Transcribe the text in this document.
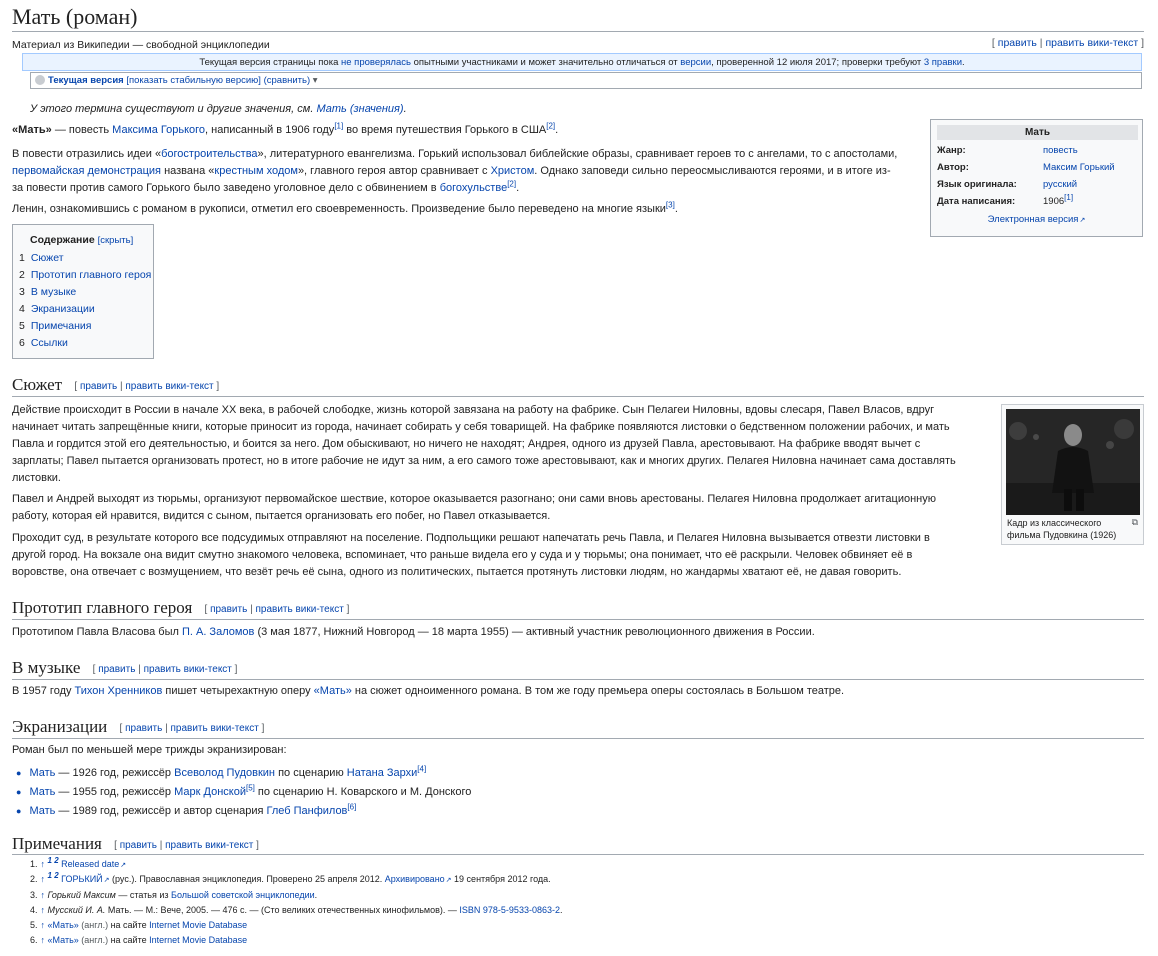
Мать (роман)
Материал из Википедии — свободной энциклопедии	[ править | править вики-текст ]
Текущая версия страницы пока не проверялась опытными участниками и может значительно отличаться от версии, проверенной 12 июля 2017; проверки требуют 3 правки.
Текущая версия [показать стабильную версию] (сравнить) ▾
У этого термина существуют и другие значения, см. Мать (значения).

«Мать» — повесть Максима Горького, написанный в 1906 году[1] во время путешествия Горького в США[2].

В повести отразились идеи «богостроительства», литературного евангелизма. Горький использовал библейские образы, сравнивает героев то с ангелами, то с апостолами,
первомайская демонстрация названа «крестным ходом», главного героя автор сравнивает с Христом. Однако заповеди сильно переосмысливаются героями, и в итоге из-
за повести против самого Горького было заведено уголовное дело с обвинением в богохульстве[2].

Ленин, ознакомившись с романом в рукописи, отметил его своевременность. Произведение было переведено на многие языки[3].

Мать
Жанр:	повесть
Автор:	Максим Горький
Язык оригинала:	русский
Дата написания:	1906[1]
Электронная версия ↗
Содержание [скрыть]
1 Сюжет
2 Прототип главного героя
3 В музыке
4 Экранизации
5 Примечания
6 Ссылки
Сюжет [ править | править вики-текст ]

Действие происходит в России в начале XX века, в рабочей слободке, жизнь которой завязана на работу на фабрике. Сын Пелагеи Ниловны, вдовы слесаря, Павел Власов, вдруг
начинает читать запрещённые книги, которые приносит из города, начинает собирать у себя товарищей. На фабрике появляются листовки о бедственном положении рабочих, и мать
Павла и гордится этой его деятельностью, и боится за него. Дом обыскивают, но ничего не находят; Андрея, одного из друзей Павла, арестовывают. На фабрике вводят вычет с
зарплаты; Павел пытается организовать протест, но в итоге рабочие не идут за ним, а его самого тоже арестовывают, как и многих других. Пелагея Ниловна начинает сама доставлять
листовки.

Павел и Андрей выходят из тюрьмы, организуют первомайское шествие, которое оказывается разогнано; они сами вновь арестованы. Пелагея Ниловна продолжает агитационную
работу, которая ей нравится, видится с сыном, пытается организовать его побег, но Павел отказывается.

Проходит суд, в результате которого все подсудимых отправляют на поселение. Подпольщики решают напечатать речь Павла, и Пелагея Ниловна вызывается отвезти листовки в
другой город. На вокзале она видит смутно знакомого человека, вспоминает, что раньше видела его у суда и у тюрьмы; она понимает, что её раскрыли. Человек обвиняет её в
воровстве, она отвечает с возмущением, что везёт речь её сына, одного из политических, пытается протянуть листовки людям, но жандармы хватают её, не давая говорить.

Кадр из классического фильма Пудовкина (1926)
⧉
Прототип главного героя [ править | править вики-текст ]

Прототипом Павла Власова был П. А. Заломов (3 мая 1877, Нижний Новгород — 18 марта 1955) — активный участник революционного движения в России.

В музыке [ править | править вики-текст ]

В 1957 году Тихон Хренников пишет четырехактную оперу «Мать» на сюжет одноименного романа. В том же году премьера оперы состоялась в Большом театре.

Экранизации [ править | править вики-текст ]

Роман был по меньшей мере трижды экранизирован:

● Мать — 1926 год, режиссёр Всеволод Пудовкин по сценарию Натана Зархи[4]
● Мать — 1955 год, режиссёр Марк Донской[5] по сценарию Н. Коварского и М. Донского
● Мать — 1989 год, режиссёр и автор сценария Глеб Панфилов[6]
Примечания [ править | править вики-текст ]
1. ↑ $^{1 2}$ Released date ↗
2. ↑ $^{1 2}$ ГОРЬКИЙ ↗ (рус.). Православная энциклопедия. Проверено 25 апреля 2012. Архивировано ↗ 19 сентября 2012 года.
3. ↑ Горький Максим — статья из Большой советской энциклопедии.
4. ↑ Мусский И. А. Мать. — М.: Вече, 2005. — 476 с. — (Сто великих отечественных кинофильмов). — ISBN 978-5-9533-0863-2.
5. ↑ «Мать» (англ.) на сайте Internet Movie Database
6. ↑ «Мать» (англ.) на сайте Internet Movie Database
